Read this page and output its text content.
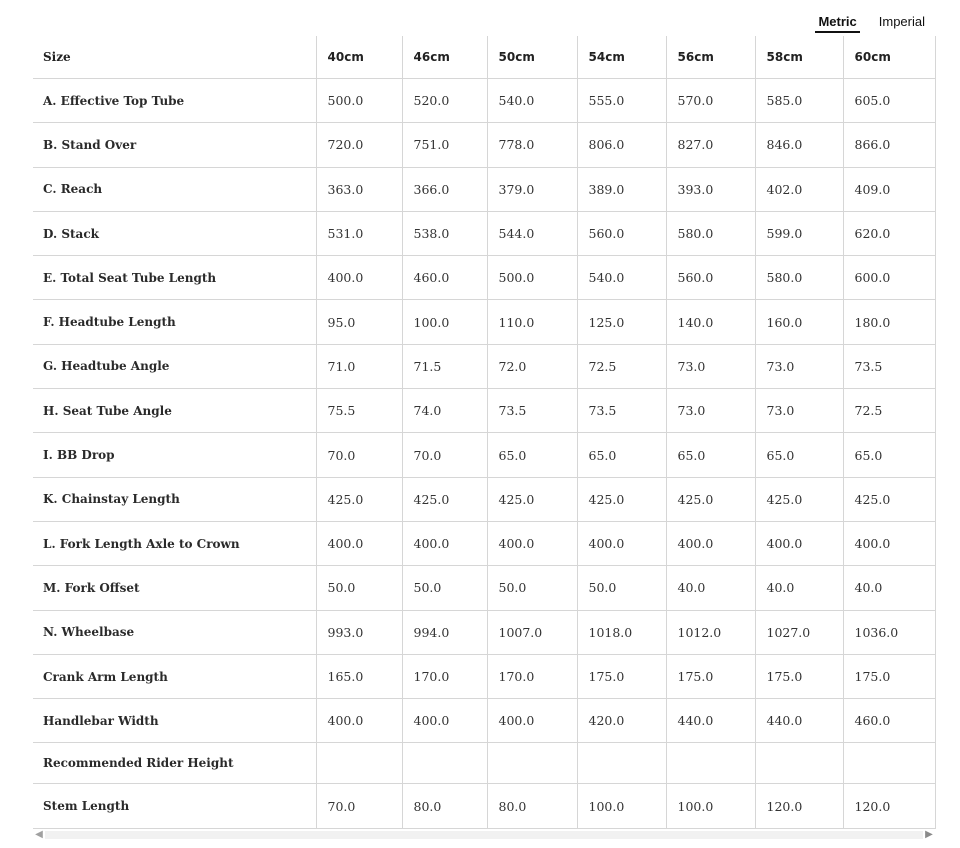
Metric Imperial
Size	40cm	46cm	50cm	54cm	56cm	58cm	60cm
A. Effective Top Tube	500.0	520.0	540.0	555.0	570.0	585.0	605.0
B. Stand Over	720.0	751.0	778.0	806.0	827.0	846.0	866.0
C. Reach	363.0	366.0	379.0	389.0	393.0	402.0	409.0
D. Stack	531.0	538.0	544.0	560.0	580.0	599.0	620.0
E. Total Seat Tube Length	400.0	460.0	500.0	540.0	560.0	580.0	600.0
F. Headtube Length	95.0	100.0	110.0	125.0	140.0	160.0	180.0
G. Headtube Angle	71.0	71.5	72.0	72.5	73.0	73.0	73.5
H. Seat Tube Angle	75.5	74.0	73.5	73.5	73.0	73.0	72.5
I. BB Drop	70.0	70.0	65.0	65.0	65.0	65.0	65.0
K. Chainstay Length	425.0	425.0	425.0	425.0	425.0	425.0	425.0
L. Fork Length Axle to Crown	400.0	400.0	400.0	400.0	400.0	400.0	400.0
M. Fork Offset	50.0	50.0	50.0	50.0	40.0	40.0	40.0
N. Wheelbase	993.0	994.0	1007.0	1018.0	1012.0	1027.0	1036.0
Crank Arm Length	165.0	170.0	170.0	175.0	175.0	175.0	175.0
Handlebar Width	400.0	400.0	400.0	420.0	440.0	440.0	460.0
Recommended Rider Height							
Stem Length	70.0	80.0	80.0	100.0	100.0	120.0	120.0
◀	▶
